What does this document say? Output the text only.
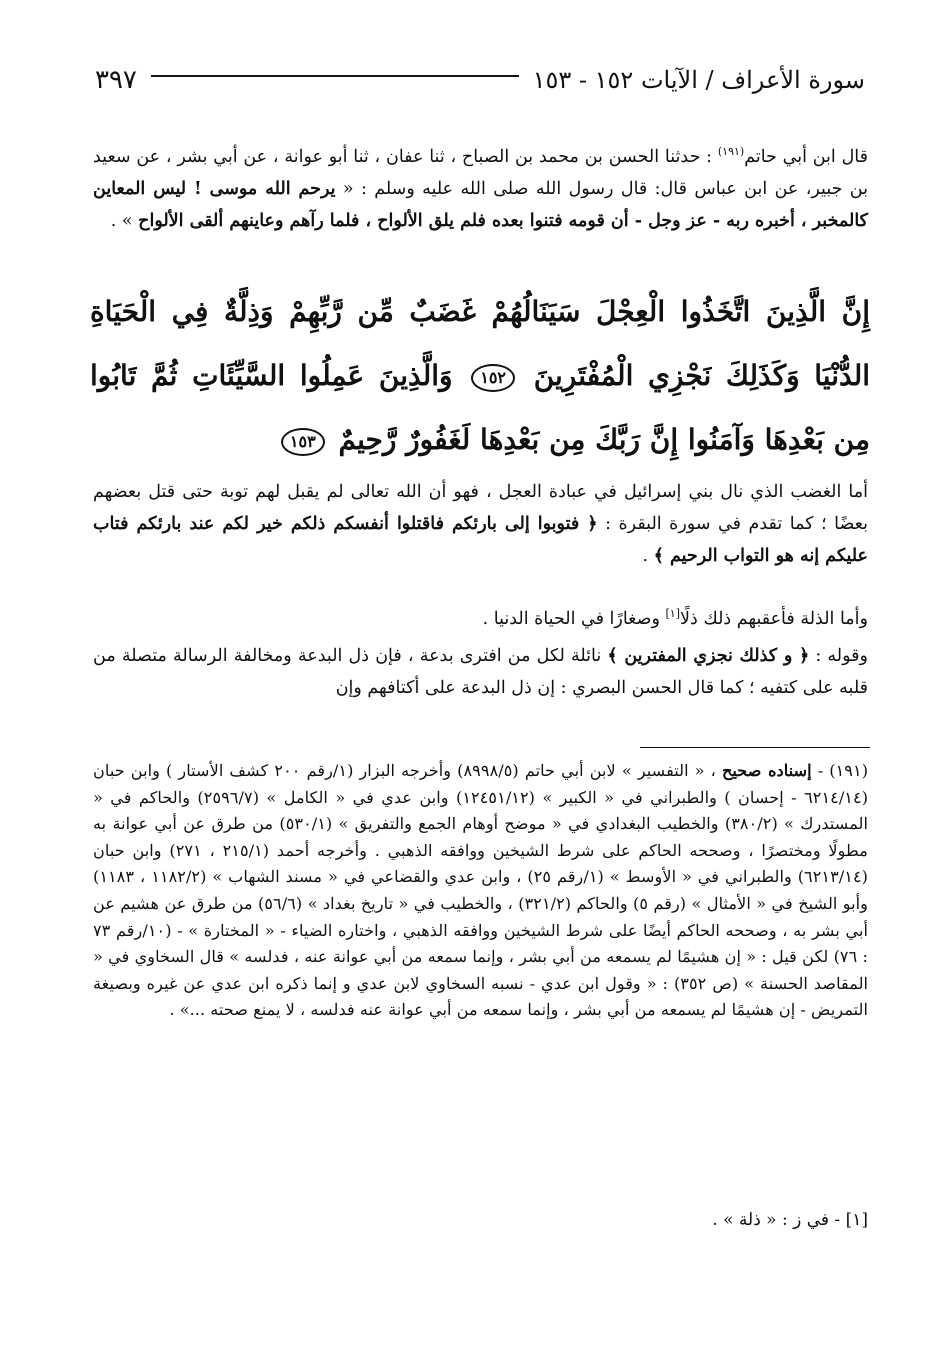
سورة الأعراف / الآيات ١٥٢ - ١٥٣
٣٩٧

قال ابن أبي حاتم$^{(١٩١)}$ : حدثنا الحسن بن محمد بن الصباح ، ثنا عفان ، ثنا أبو عوانة ، عن أبي بشر ، عن سعيد بن جبير، عن ابن عباس قال: قال رسول الله صلى الله عليه وسلم : « يرحم الله موسى ! ليس المعاين كالمخبر ، أخبره ربه - عز وجل - أن قومه فتنوا بعده فلم يلق الألواح ، فلما رآهم وعاينهم ألقى الألواح » .

إِنَّ الَّذِينَ اتَّخَذُوا الْعِجْلَ سَيَنَالُهُمْ غَضَبٌ مِّن رَّبِّهِمْ وَذِلَّةٌ فِي الْحَيَاةِ الدُّنْيَا وَكَذَلِكَ نَجْزِي الْمُفْتَرِينَ ١٥٢ وَالَّذِينَ عَمِلُوا السَّيِّئَاتِ ثُمَّ تَابُوا مِن بَعْدِهَا وَآمَنُوا إِنَّ رَبَّكَ مِن بَعْدِهَا لَغَفُورٌ رَّحِيمٌ ١٥٣

أما الغضب الذي نال بني إسرائيل في عبادة العجل ، فهو أن الله تعالى لم يقبل لهم توبة حتى قتل بعضهم بعضًا ؛ كما تقدم في سورة البقرة : ﴿ فتوبوا إلى بارئكم فاقتلوا أنفسكم ذلكم خير لكم عند بارئكم فتاب عليكم إنه هو التواب الرحيم ﴾ .

وأما الذلة فأعقبهم ذلك ذلًا[١] وصغارًا في الحياة الدنيا .

وقوله : ﴿ و كذلك نجزي المفترين ﴾ نائلة لكل من افترى بدعة ، فإن ذل البدعة ومخالفة الرسالة متصلة من قلبه على كتفيه ؛ كما قال الحسن البصري : إن ذل البدعة على أكتافهم وإن

(١٩١) - إسناده صحيح ، « التفسير » لابن أبي حاتم (٨٩٩٨/٥) وأخرجه البزار (١/رقم ٢٠٠ كشف الأستار ) وابن حبان (٦٢١٤/١٤ - إحسان ) والطبراني في « الكبير » (١٢٤٥١/١٢) وابن عدي في « الكامل » (٢٥٩٦/٧) والحاكم في « المستدرك » (٣٨٠/٢) والخطيب البغدادي في « موضح أوهام الجمع والتفريق » (٥٣٠/١) من طرق عن أبي عوانة به مطولًا ومختصرًا ، وصححه الحاكم على شرط الشيخين ووافقه الذهبي . وأخرجه أحمد (٢١٥/١ ، ٢٧١) وابن حبان (٦٢١٣/١٤) والطبراني في « الأوسط » (١/رقم ٢٥) ، وابن عدي والقضاعي في « مسند الشهاب » (١١٨٢/٢ ، ١١٨٣) وأبو الشيخ في « الأمثال » (رقم ٥) والحاكم (٣٢١/٢) ، والخطيب في « تاريخ بغداد » (٥٦/٦) من طرق عن هشيم عن أبي بشر به ، وصححه الحاكم أيضًا على شرط الشيخين ووافقه الذهبي ، واختاره الضياء - « المختارة » - (١٠/رقم ٧٣ : ٧٦) لكن قيل : « إن هشيمًا لم يسمعه من أبي بشر ، وإنما سمعه من أبي عوانة عنه ، فدلسه » قال السخاوي في « المقاصد الحسنة » (ص ٣٥٢) : « وقول ابن عدي - نسبه السخاوي لابن عدي و إنما ذكره ابن عدي عن غيره وبصيغة التمريض - إن هشيمًا لم يسمعه من أبي بشر ، وإنما سمعه من أبي عوانة عنه فدلسه ، لا يمنع صحته ...» .

[١] - في ز : « ذلة » .
